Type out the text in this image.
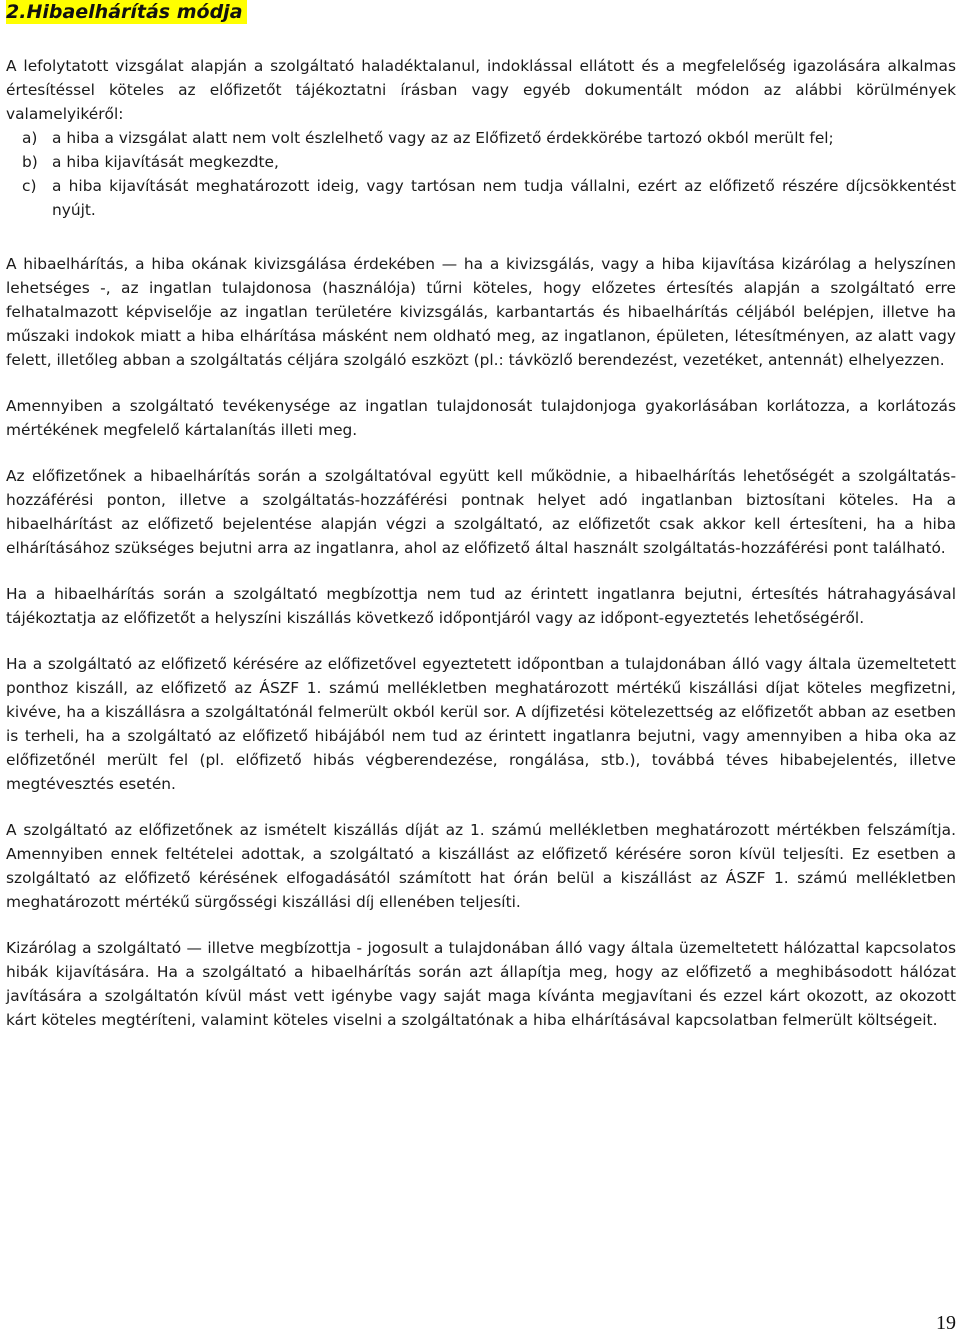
2.Hibaelhárítás módja

A lefolytatott vizsgálat alapján a szolgáltató haladéktalanul, indoklással ellátott és a megfelelőség igazolására alkalmas értesítéssel köteles az előfizetőt tájékoztatni írásban vagy egyéb dokumentált módon az alábbi körülmények valamelyikéről:

a) a hiba a vizsgálat alatt nem volt észlelhető vagy az az Előfizető érdekkörébe tartozó okból merült fel;
b) a hiba kijavítását megkezdte,
c) a hiba kijavítását meghatározott ideig, vagy tartósan nem tudja vállalni, ezért az előfizető részére díjcsökkentést nyújt.

A hibaelhárítás, a hiba okának kivizsgálása érdekében — ha a kivizsgálás, vagy a hiba kijavítása kizárólag a helyszínen lehetséges -, az ingatlan tulajdonosa (használója) tűrni köteles, hogy előzetes értesítés alapján a szolgáltató erre felhatalmazott képviselője az ingatlan területére kivizsgálás, karbantartás és hibaelhárítás céljából belépjen, illetve ha műszaki indokok miatt a hiba elhárítása másként nem oldható meg, az ingatlanon, épületen, létesítményen, az alatt vagy felett, illetőleg abban a szolgáltatás céljára szolgáló eszközt (pl.: távközlő berendezést, vezetéket, antennát) elhelyezzen.

Amennyiben a szolgáltató tevékenysége az ingatlan tulajdonosát tulajdonjoga gyakorlásában korlátozza, a korlátozás mértékének megfelelő kártalanítás illeti meg.

Az előfizetőnek a hibaelhárítás során a szolgáltatóval együtt kell működnie, a hibaelhárítás lehetőségét a szolgáltatás-hozzáférési ponton, illetve a szolgáltatás-hozzáférési pontnak helyet adó ingatlanban biztosítani köteles. Ha a hibaelhárítást az előfizető bejelentése alapján végzi a szolgáltató, az előfizetőt csak akkor kell értesíteni, ha a hiba elhárításához szükséges bejutni arra az ingatlanra, ahol az előfizető által használt szolgáltatás-hozzáférési pont található.

Ha a hibaelhárítás során a szolgáltató megbízottja nem tud az érintett ingatlanra bejutni, értesítés hátrahagyásával tájékoztatja az előfizetőt a helyszíni kiszállás következő időpontjáról vagy az időpont-egyeztetés lehetőségéről.

Ha a szolgáltató az előfizető kérésére az előfizetővel egyeztetett időpontban a tulajdonában álló vagy általa üzemeltetett ponthoz kiszáll, az előfizető az ÁSZF 1. számú mellékletben meghatározott mértékű kiszállási díjat köteles megfizetni, kivéve, ha a kiszállásra a szolgáltatónál felmerült okból kerül sor. A díjfizetési kötelezettség az előfizetőt abban az esetben is terheli, ha a szolgáltató az előfizető hibájából nem tud az érintett ingatlanra bejutni, vagy amennyiben a hiba oka az előfizetőnél merült fel (pl. előfizető hibás végberendezése, rongálása, stb.), továbbá téves hibabejelentés, illetve megtévesztés esetén.

A szolgáltató az előfizetőnek az ismételt kiszállás díját az 1. számú mellékletben meghatározott mértékben felszámítja. Amennyiben ennek feltételei adottak, a szolgáltató a kiszállást az előfizető kérésére soron kívül teljesíti. Ez esetben a szolgáltató az előfizető kérésének elfogadásától számított hat órán belül a kiszállást az ÁSZF 1. számú mellékletben meghatározott mértékű sürgősségi kiszállási díj ellenében teljesíti.

Kizárólag a szolgáltató — illetve megbízottja - jogosult a tulajdonában álló vagy általa üzemeltetett hálózattal kapcsolatos hibák kijavítására. Ha a szolgáltató a hibaelhárítás során azt állapítja meg, hogy az előfizető a meghibásodott hálózat javítására a szolgáltatón kívül mást vett igénybe vagy saját maga kívánta megjavítani és ezzel kárt okozott, az okozott kárt köteles megtéríteni, valamint köteles viselni a szolgáltatónak a hiba elhárításával kapcsolatban felmerült költségeit.

19
